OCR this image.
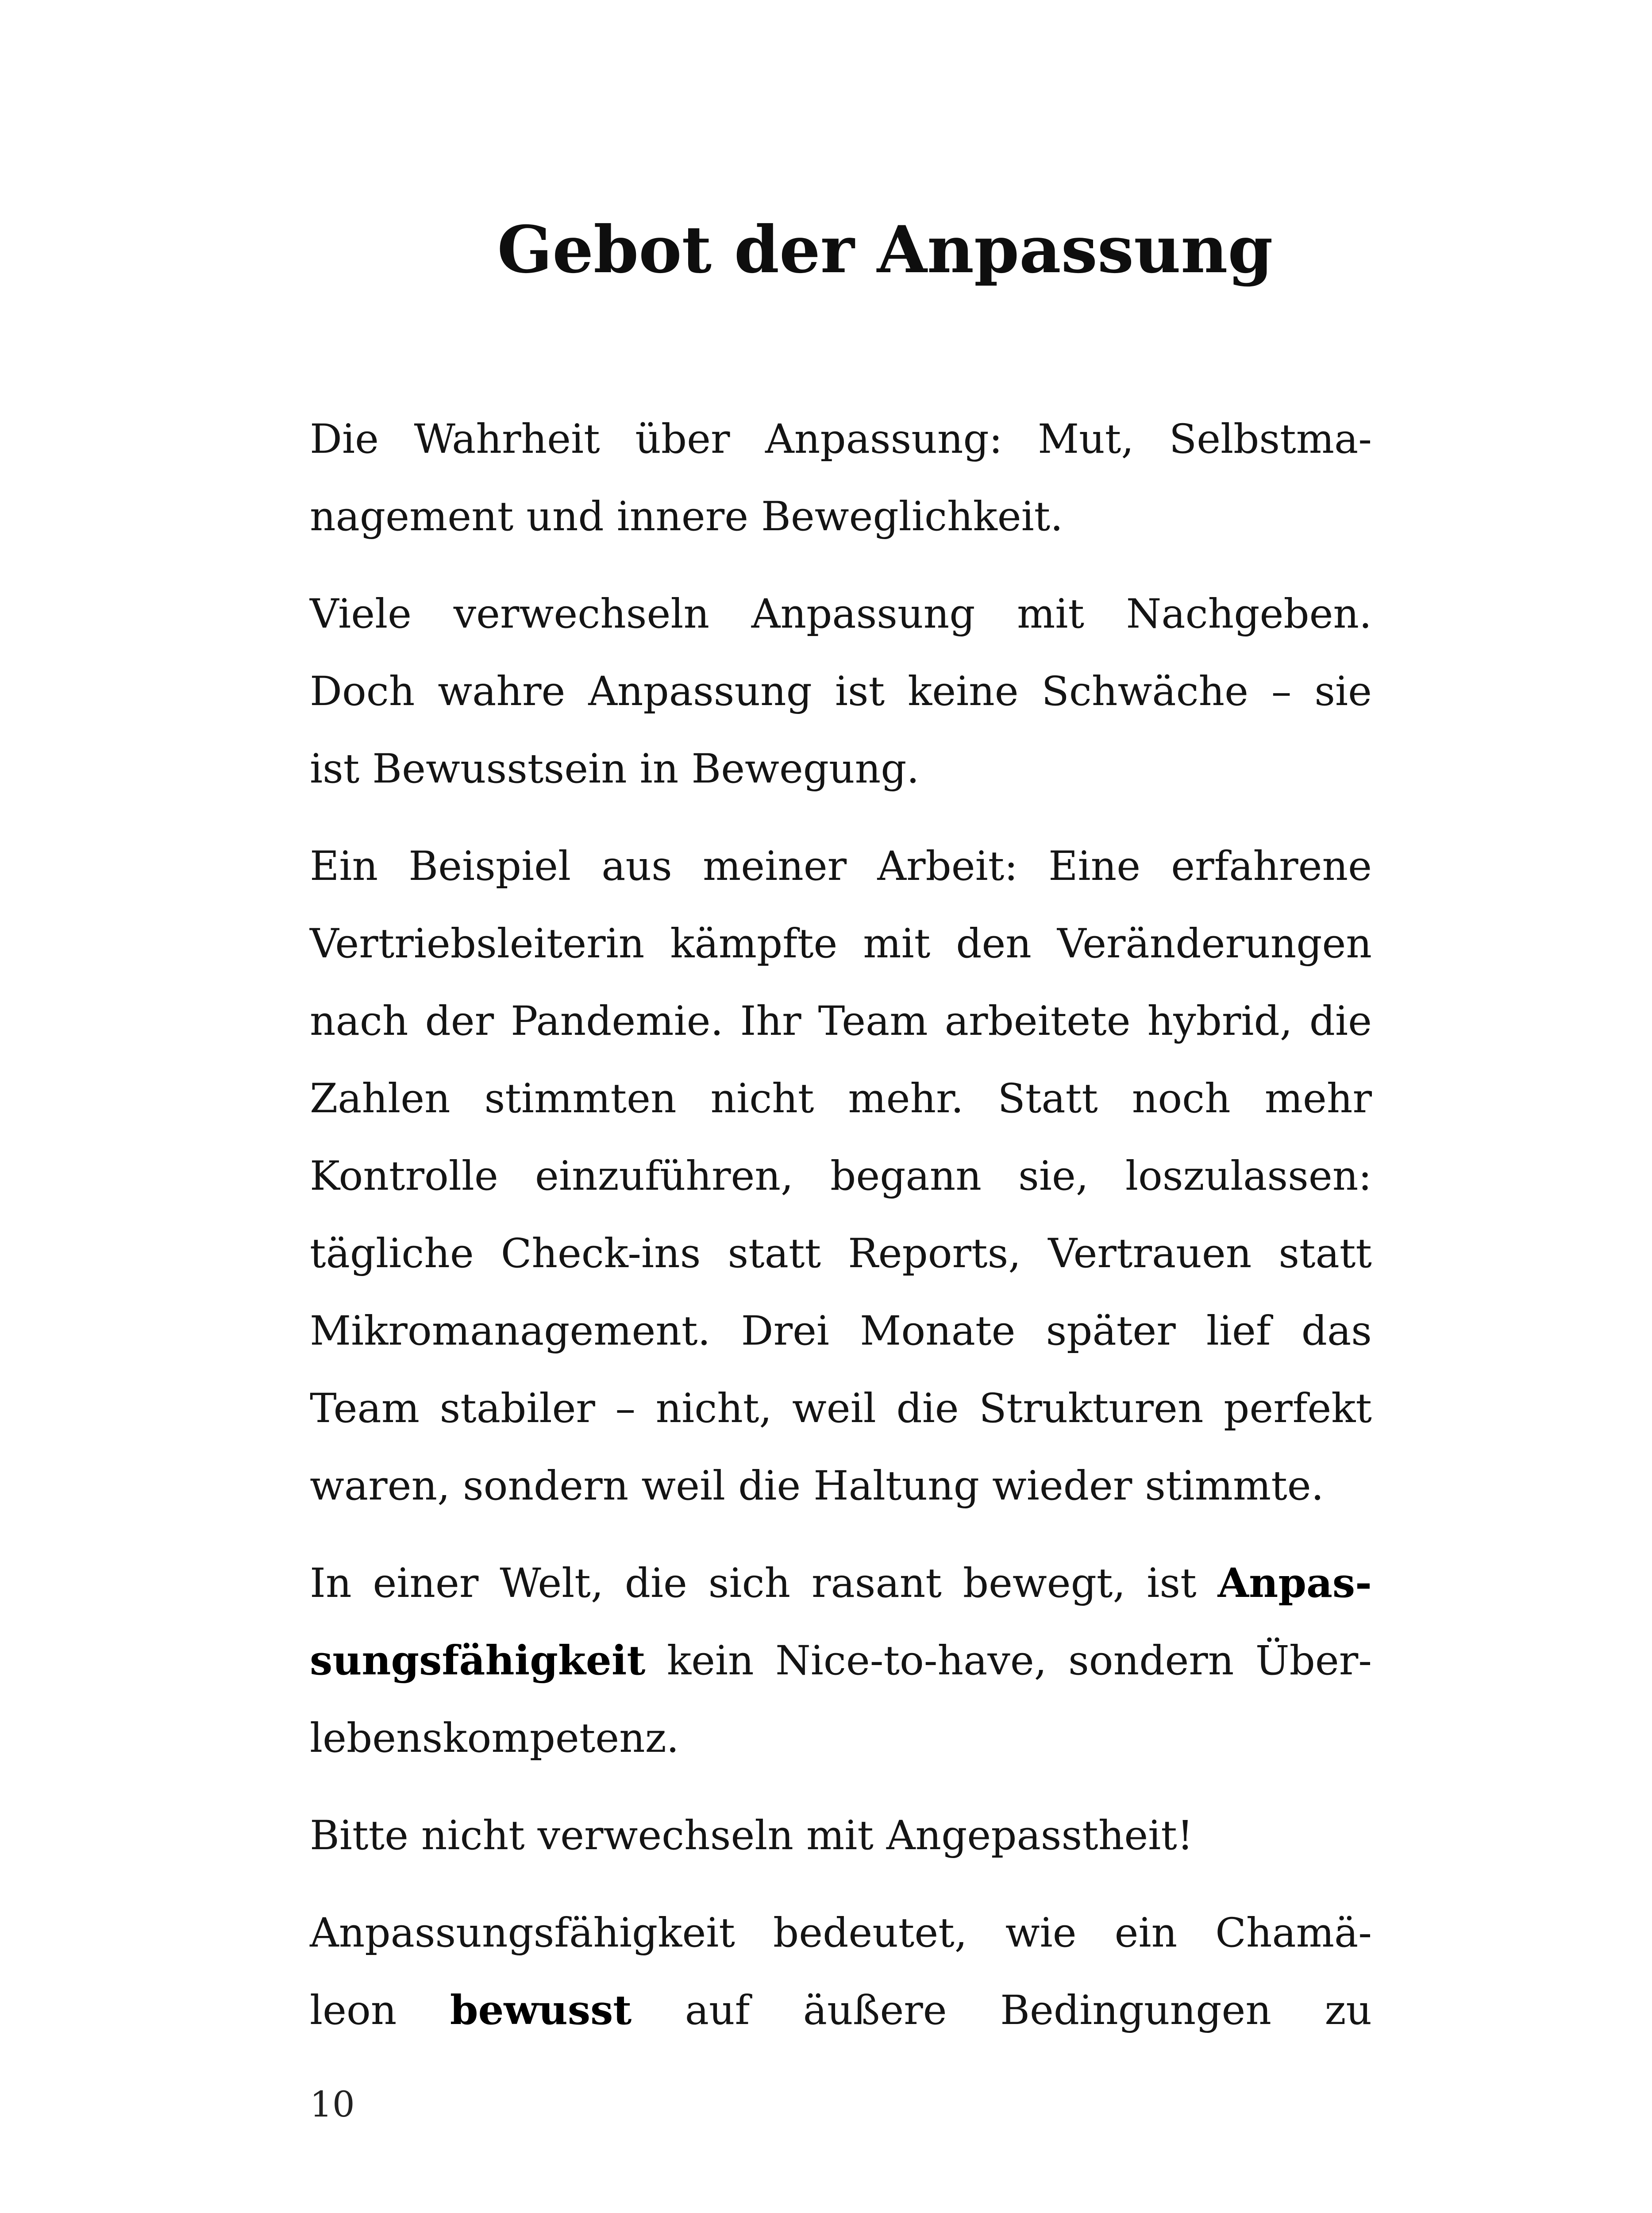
Gebot der Anpassung

Die Wahrheit über Anpassung: Mut, Selbstma-
nagement und innere Beweglichkeit.

Viele verwechseln Anpassung mit Nachgeben.
Doch wahre Anpassung ist keine Schwäche – sie
ist Bewusstsein in Bewegung.

Ein Beispiel aus meiner Arbeit: Eine erfahrene
Vertriebsleiterin kämpfte mit den Veränderungen
nach der Pandemie. Ihr Team arbeitete hybrid, die
Zahlen stimmten nicht mehr. Statt noch mehr
Kontrolle einzuführen, begann sie, loszulassen:
tägliche Check-ins statt Reports, Vertrauen statt
Mikromanagement. Drei Monate später lief das
Team stabiler – nicht, weil die Strukturen perfekt
waren, sondern weil die Haltung wieder stimmte.

In einer Welt, die sich rasant bewegt, ist Anpas-
sungsfähigkeit kein Nice-to-have, sondern Über-
lebenskompetenz.

Bitte nicht verwechseln mit Angepasstheit!

Anpassungsfähigkeit bedeutet, wie ein Chamä-
leon bewusst auf äußere Bedingungen zu

10
